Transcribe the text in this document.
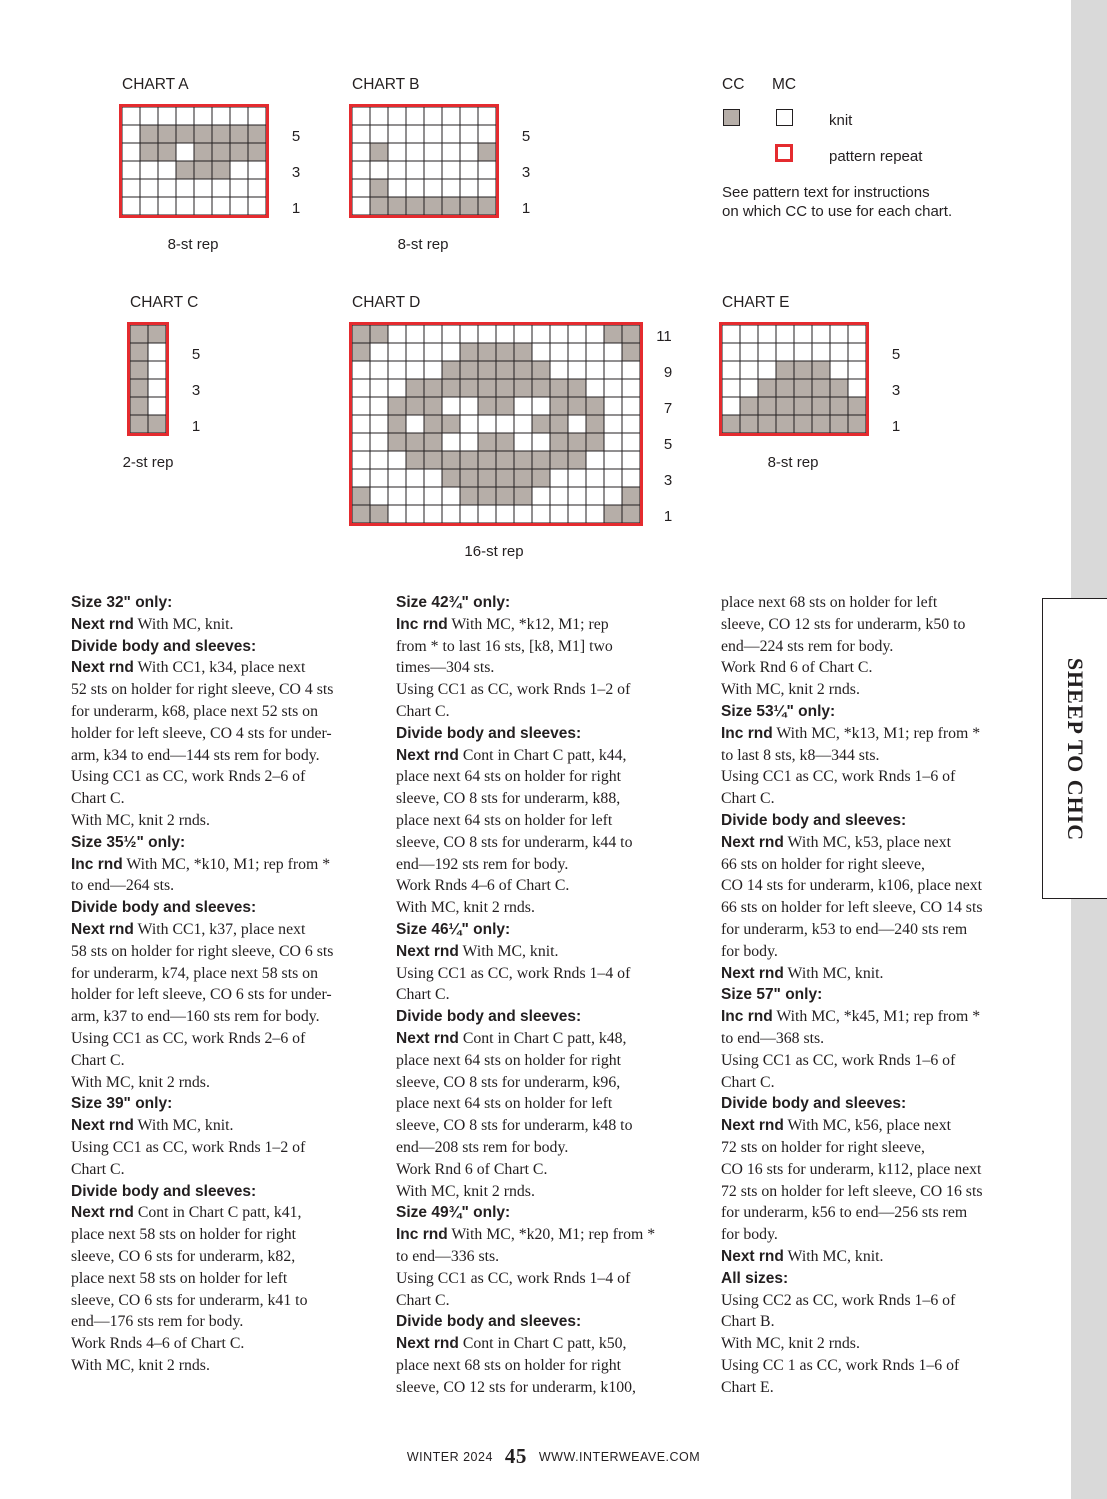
SHEEP TO CHIC
CHART A
5
3
1
8-st rep
CHART B
5
3
1
8-st rep
CC MC
knit
pattern repeat
See pattern text for instructions
on which CC to use for each chart.
CHART C
5
3
1
2-st rep
CHART D
11
9
7
5
3
1
16-st rep
CHART E
5
3
1
8-st rep
Size 32" only:
Next rnd With MC, knit.
Divide body and sleeves:
Next rnd With CC1, k34, place next
52 sts on holder for right sleeve, CO 4 sts
for underarm, k68, place next 52 sts on
holder for left sleeve, CO 4 sts for under-
arm, k34 to end—144 sts rem for body.
Using CC1 as CC, work Rnds 2–6 of
Chart C.
With MC, knit 2 rnds.
Size 35½" only:
Inc rnd With MC, *k10, M1; rep from *
to end—264 sts.
Divide body and sleeves:
Next rnd With CC1, k37, place next
58 sts on holder for right sleeve, CO 6 sts
for underarm, k74, place next 58 sts on
holder for left sleeve, CO 6 sts for under-
arm, k37 to end—160 sts rem for body.
Using CC1 as CC, work Rnds 2–6 of
Chart C.
With MC, knit 2 rnds.
Size 39" only:
Next rnd With MC, knit.
Using CC1 as CC, work Rnds 1–2 of
Chart C.
Divide body and sleeves:
Next rnd Cont in Chart C patt, k41,
place next 58 sts on holder for right
sleeve, CO 6 sts for underarm, k82,
place next 58 sts on holder for left
sleeve, CO 6 sts for underarm, k41 to
end—176 sts rem for body.
Work Rnds 4–6 of Chart C.
With MC, knit 2 rnds.
Size 42¾" only:
Inc rnd With MC, *k12, M1; rep
from * to last 16 sts, [k8, M1] two
times—304 sts.
Using CC1 as CC, work Rnds 1–2 of
Chart C.
Divide body and sleeves:
Next rnd Cont in Chart C patt, k44,
place next 64 sts on holder for right
sleeve, CO 8 sts for underarm, k88,
place next 64 sts on holder for left
sleeve, CO 8 sts for underarm, k44 to
end—192 sts rem for body.
Work Rnds 4–6 of Chart C.
With MC, knit 2 rnds.
Size 46¼" only:
Next rnd With MC, knit.
Using CC1 as CC, work Rnds 1–4 of
Chart C.
Divide body and sleeves:
Next rnd Cont in Chart C patt, k48,
place next 64 sts on holder for right
sleeve, CO 8 sts for underarm, k96,
place next 64 sts on holder for left
sleeve, CO 8 sts for underarm, k48 to
end—208 sts rem for body.
Work Rnd 6 of Chart C.
With MC, knit 2 rnds.
Size 49¾" only:
Inc rnd With MC, *k20, M1; rep from *
to end—336 sts.
Using CC1 as CC, work Rnds 1–4 of
Chart C.
Divide body and sleeves:
Next rnd Cont in Chart C patt, k50,
place next 68 sts on holder for right
sleeve, CO 12 sts for underarm, k100,
place next 68 sts on holder for left
sleeve, CO 12 sts for underarm, k50 to
end—224 sts rem for body.
Work Rnd 6 of Chart C.
With MC, knit 2 rnds.
Size 53¼" only:
Inc rnd With MC, *k13, M1; rep from *
to last 8 sts, k8—344 sts.
Using CC1 as CC, work Rnds 1–6 of
Chart C.
Divide body and sleeves:
Next rnd With MC, k53, place next
66 sts on holder for right sleeve,
CO 14 sts for underarm, k106, place next
66 sts on holder for left sleeve, CO 14 sts
for underarm, k53 to end—240 sts rem
for body.
Next rnd With MC, knit.
Size 57" only:
Inc rnd With MC, *k45, M1; rep from *
to end—368 sts.
Using CC1 as CC, work Rnds 1–6 of
Chart C.
Divide body and sleeves:
Next rnd With MC, k56, place next
72 sts on holder for right sleeve,
CO 16 sts for underarm, k112, place next
72 sts on holder for left sleeve, CO 16 sts
for underarm, k56 to end—256 sts rem
for body.
Next rnd With MC, knit.
All sizes:
Using CC2 as CC, work Rnds 1–6 of
Chart B.
With MC, knit 2 rnds.
Using CC 1 as CC, work Rnds 1–6 of
Chart E.
WINTER 2024 45 WWW.INTERWEAVE.COM
